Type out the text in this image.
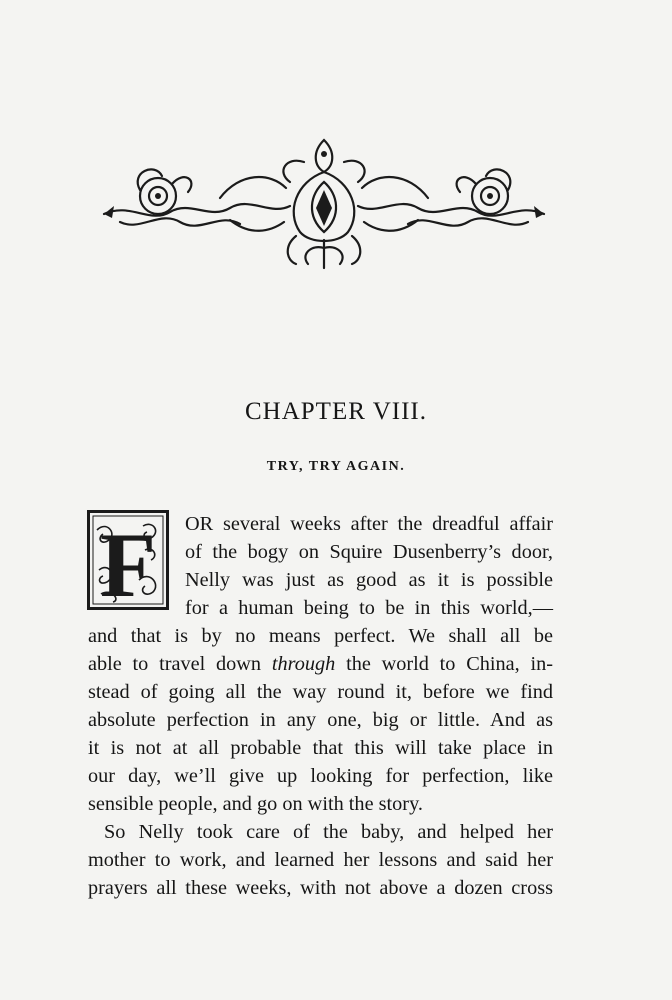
CHAPTER VIII.
TRY, TRY AGAIN.
F OR several weeks after the dreadful affair

of the bogy on Squire Dusenberry’s door,

Nelly was just as good as it is possible

for a human being to be in this world,—

and that is by no means perfect. We shall all be

able to travel down through the world to China, in-

stead of going all the way round it, before we find

absolute perfection in any one, big or little. And as

it is not at all probable that this will take place in

our day, we’ll give up looking for perfection, like

sensible people, and go on with the story.

So Nelly took care of the baby, and helped her

mother to work, and learned her lessons and said her

prayers all these weeks, with not above a dozen cross
